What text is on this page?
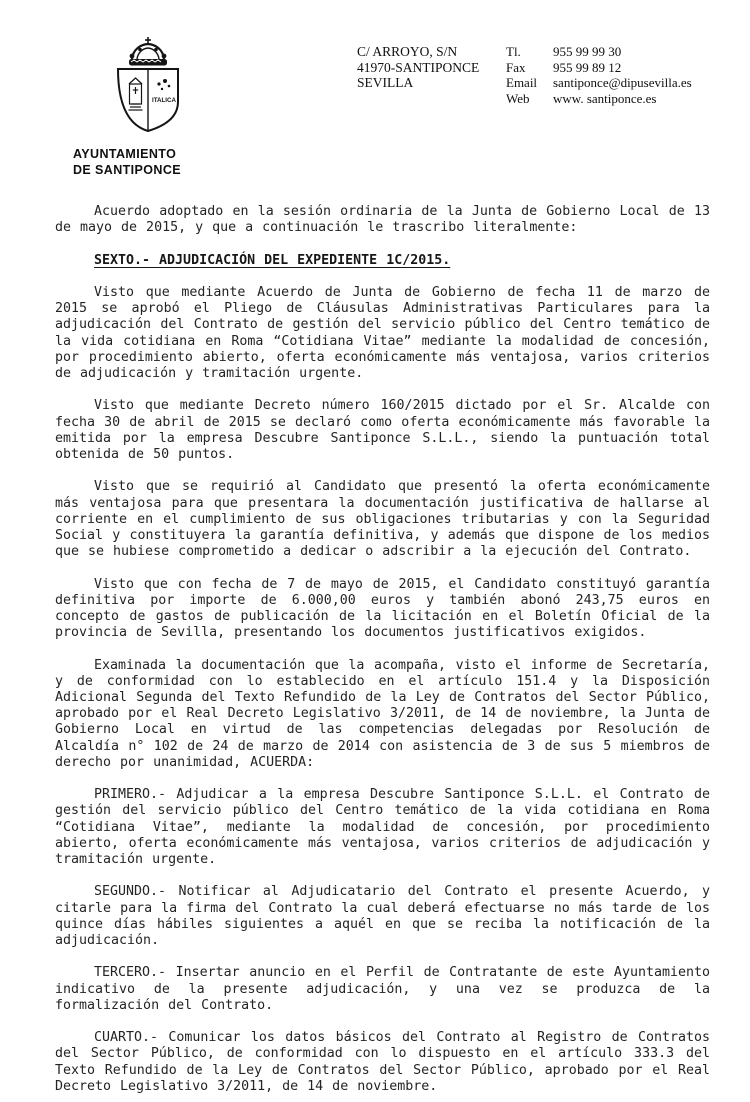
ITALICA
AYUNTAMIENTO
DE SANTIPONCE
C/ ARROYO, S/N
41970-SANTIPONCE
SEVILLA
Tl.	955 99 99 30
Fax	955 99 89 12
Email	santiponce@dipusevilla.es
Web	www. santiponce.es

Acuerdo adoptado en la sesión ordinaria de la Junta de Gobierno Local de 13 de mayo de 2015, y que a continuación le trascribo literalmente:

SEXTO.- ADJUDICACIÓN DEL EXPEDIENTE 1C/2015.

Visto que mediante Acuerdo de Junta de Gobierno de fecha 11 de marzo de 2015 se aprobó el Pliego de Cláusulas Administrativas Particulares para la adjudicación del Contrato de gestión del servicio público del Centro temático de la vida cotidiana en Roma “Cotidiana Vitae” mediante la modalidad de concesión, por procedimiento abierto, oferta económicamente más ventajosa, varios criterios de adjudicación y tramitación urgente.

Visto que mediante Decreto número 160/2015 dictado por el Sr. Alcalde con fecha 30 de abril de 2015 se declaró como oferta económicamente más favorable la emitida por la empresa Descubre Santiponce S.L.L., siendo la puntuación total obtenida de 50 puntos.

Visto que se requirió al Candidato que presentó la oferta económicamente más ventajosa para que presentara la documentación justificativa de hallarse al corriente en el cumplimiento de sus obligaciones tributarias y con la Seguridad Social y constituyera la garantía definitiva, y además que dispone de los medios que se hubiese comprometido a dedicar o adscribir a la ejecución del Contrato.

Visto que con fecha de 7 de mayo de 2015, el Candidato constituyó garantía definitiva por importe de 6.000,00 euros y también abonó 243,75 euros en concepto de gastos de publicación de la licitación en el Boletín Oficial de la provincia de Sevilla, presentando los documentos justificativos exigidos.

Examinada la documentación que la acompaña, visto el informe de Secretaría, y de conformidad con lo establecido en el artículo 151.4 y la Disposición Adicional Segunda del Texto Refundido de la Ley de Contratos del Sector Público, aprobado por el Real Decreto Legislativo 3/2011, de 14 de noviembre, la Junta de Gobierno Local en virtud de las competencias delegadas por Resolución de Alcaldía n° 102 de 24 de marzo de 2014 con asistencia de 3 de sus 5 miembros de derecho por unanimidad, ACUERDA:

PRIMERO.- Adjudicar a la empresa Descubre Santiponce S.L.L. el Contrato de gestión del servicio público del Centro temático de la vida cotidiana en Roma “Cotidiana Vitae”, mediante la modalidad de concesión, por procedimiento abierto, oferta económicamente más ventajosa, varios criterios de adjudicación y tramitación urgente.

SEGUNDO.- Notificar al Adjudicatario del Contrato el presente Acuerdo, y citarle para la firma del Contrato la cual deberá efectuarse no más tarde de los quince días hábiles siguientes a aquél en que se reciba la notificación de la adjudicación.

TERCERO.- Insertar anuncio en el Perfil de Contratante de este Ayuntamiento indicativo de la presente adjudicación, y una vez se produzca de la formalización del Contrato.

CUARTO.- Comunicar los datos básicos del Contrato al Registro de Contratos del Sector Público, de conformidad con lo dispuesto en el artículo 333.3 del Texto Refundido de la Ley de Contratos del Sector Público, aprobado por el Real Decreto Legislativo 3/2011, de 14 de noviembre.
